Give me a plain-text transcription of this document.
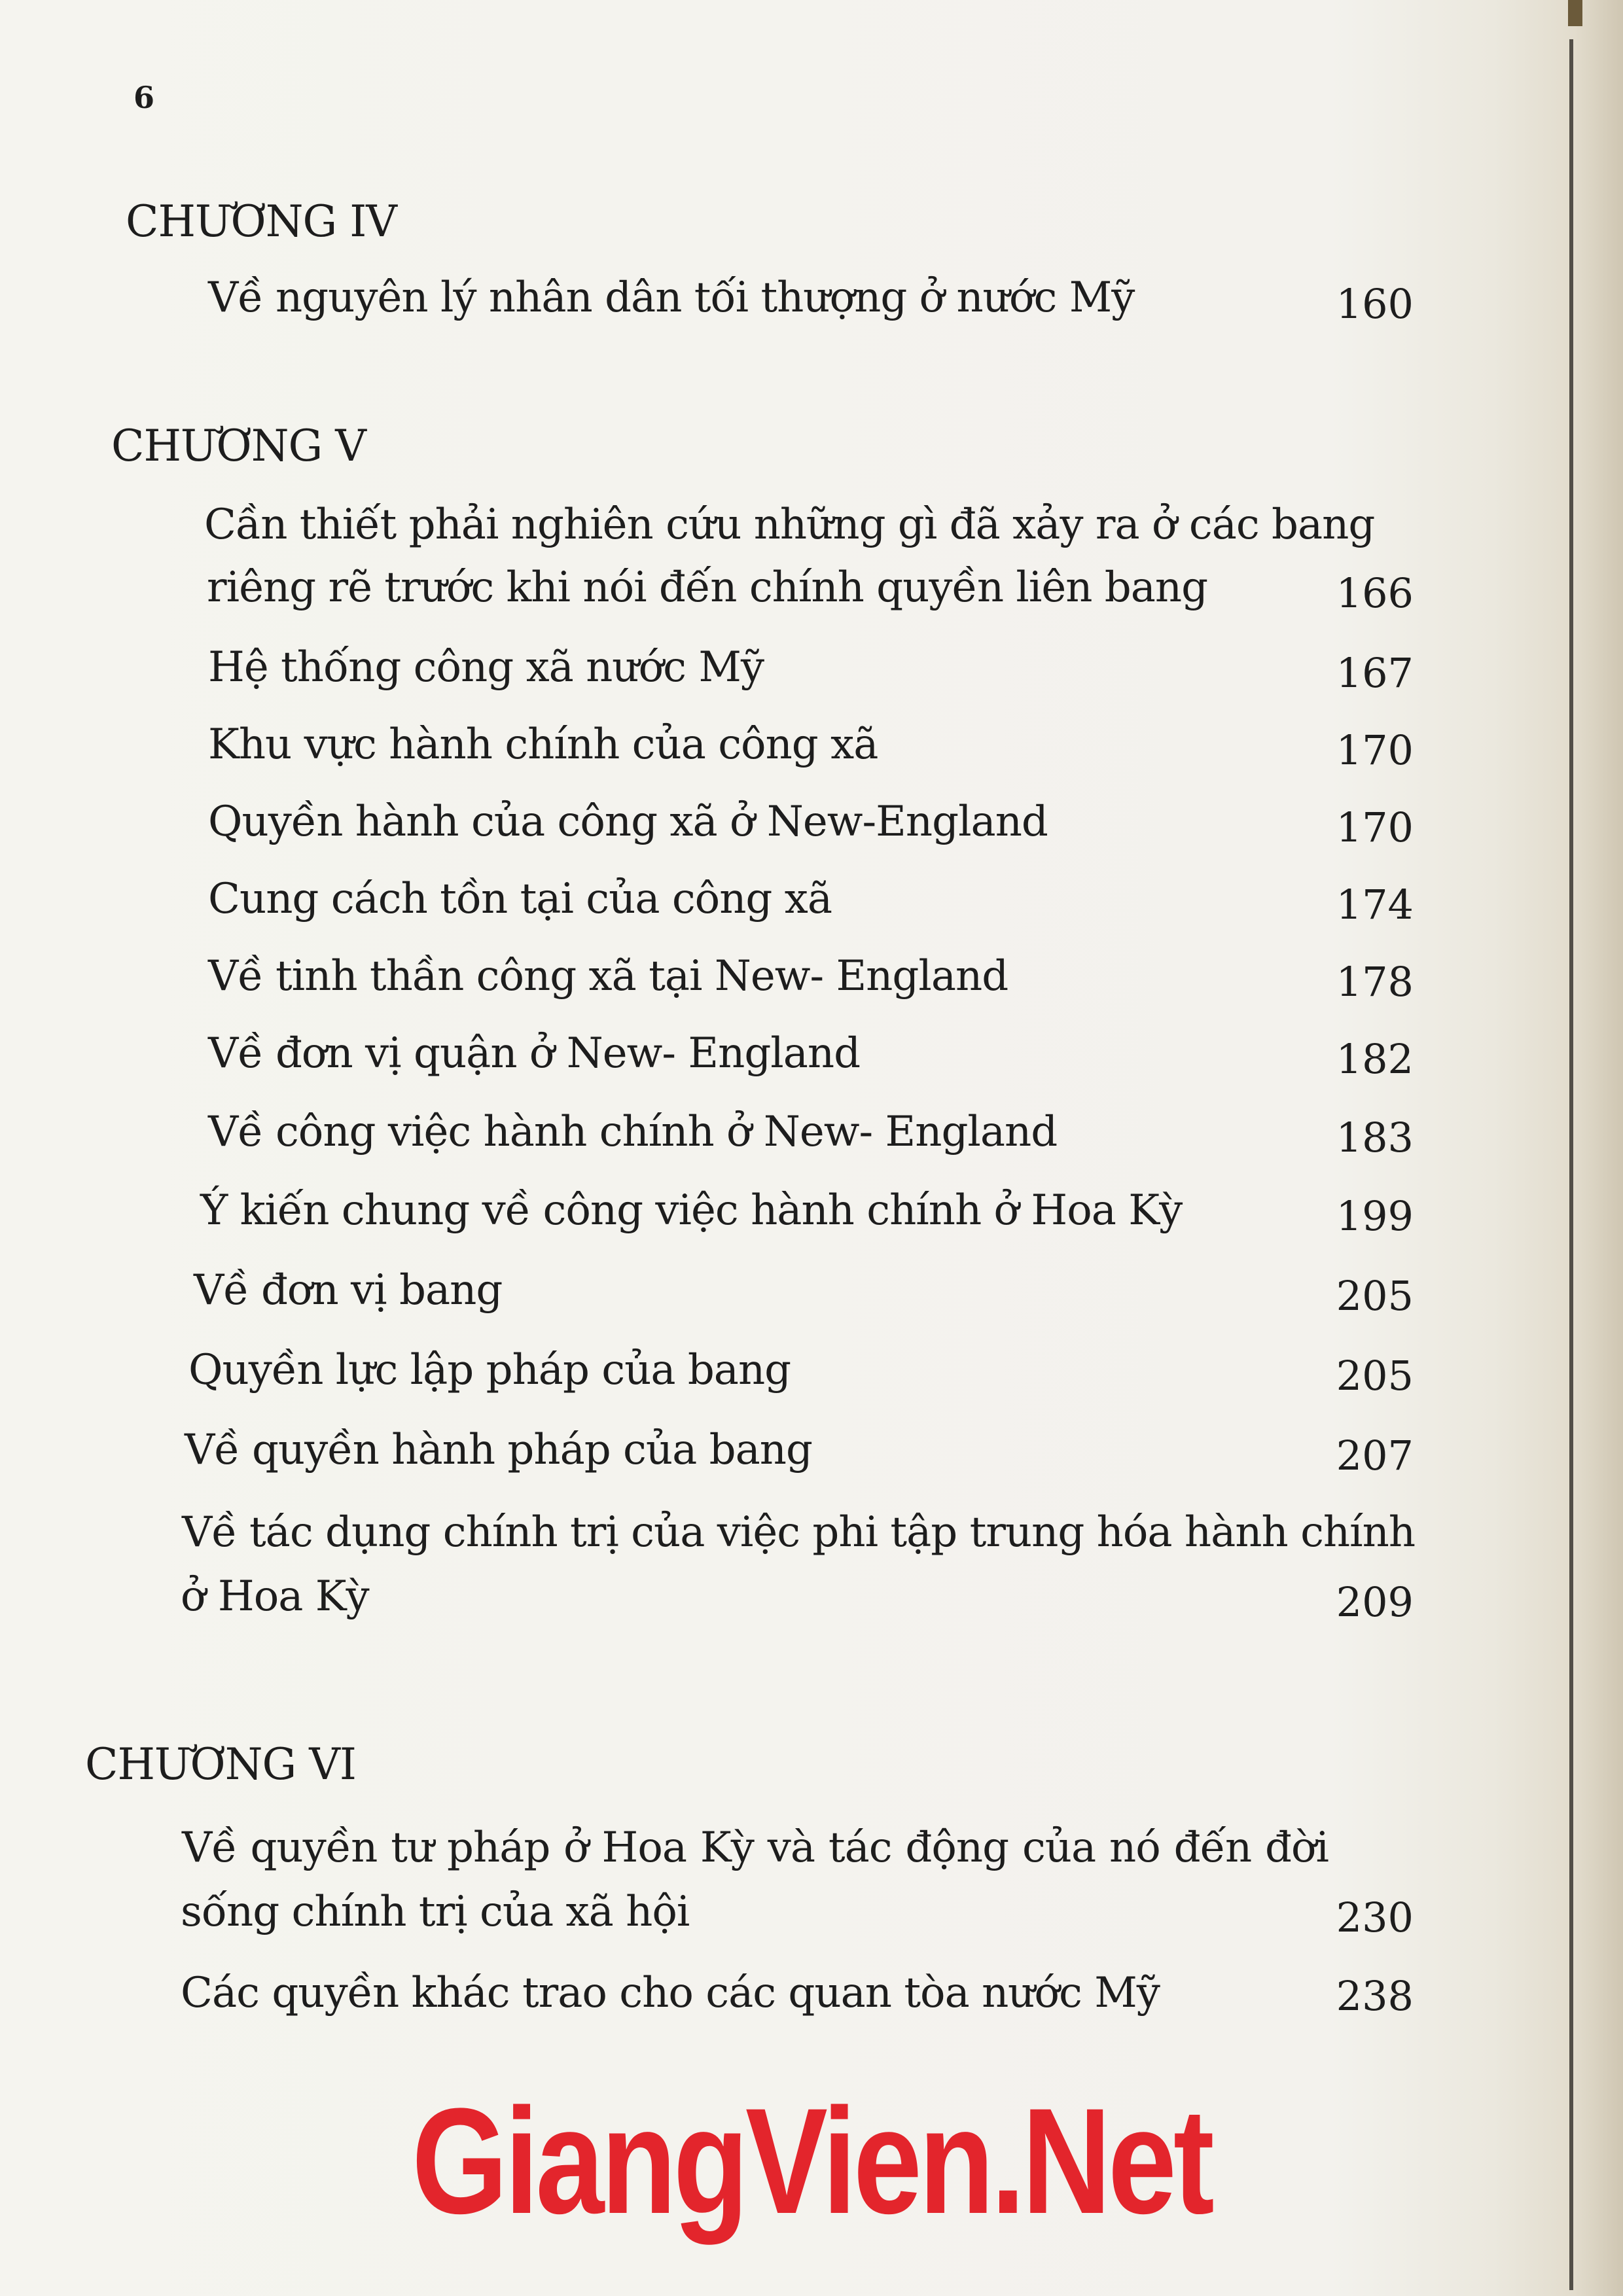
6
CHƯƠNG IV
Về nguyên lý nhân dân tối thượng ở nước Mỹ	160
CHƯƠNG V
Cần thiết phải nghiên cứu những gì đã xảy ra ở các bang
riêng rẽ trước khi nói đến chính quyền liên bang	166
Hệ thống công xã nước Mỹ	167
Khu vực hành chính của công xã	170
Quyền hành của công xã ở New-England	170
Cung cách tồn tại của công xã	174
Về tinh thần công xã tại New- England	178
Về đơn vị quận ở New- England	182
Về công việc hành chính ở New- England	183
Ý kiến chung về công việc hành chính ở Hoa Kỳ	199
Về đơn vị bang	205
Quyền lực lập pháp của bang	205
Về quyền hành pháp của bang	207
Về tác dụng chính trị của việc phi tập trung hóa hành chính
ở Hoa Kỳ	209
CHƯƠNG VI
Về quyền tư pháp ở Hoa Kỳ và tác động của nó đến đời
sống chính trị của xã hội	230
Các quyền khác trao cho các quan tòa nước Mỹ	238
GiangVien.Net
